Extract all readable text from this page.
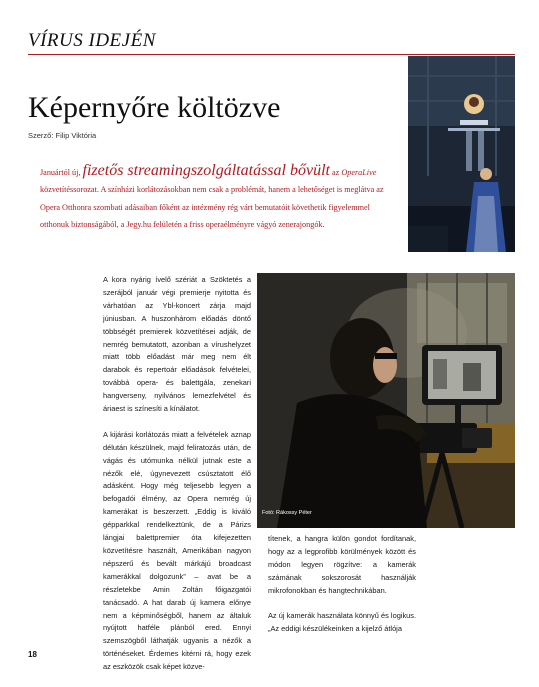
VÍRUS IDEJÉN
Képernyőre költözve
Szerző: Filip Viktória
Januártól új, fizetős streamingszolgáltatással bővült az OperaLive közvetítéssorozat. A színházi korlátozásokban nem csak a problémát, hanem a lehetőséget is meglátva az Opera Otthonra szombati adásaiban főként az intézmény rég várt bemutatóit követhetik figyelemmel otthonuk biztonságából, a Jegy.hu felületén a friss operaélményre vágyó zenerajongók.
Fotó: Rákossy Péter

A kora nyárig ívelő szériát a Szöktetés a szerájból január végi premierje nyitotta és várhatóan az Ybl-koncert zárja majd júniusban. A huszonhárom előadás döntő többségét premierek közvetítései adják, de nemrég bemutatott, azonban a vírushelyzet miatt több előadást már meg nem élt darabok és repertoár előadások felvételei, továbbá opera- és balettgála, zenekari hangverseny, nyilvános lemezfelvétel és áriaest is színesíti a kínálatot.

A kijárási korlátozás miatt a felvételek aznap délután készülnek, majd feliratozás után, de vágás és utómunka nélkül jutnak este a nézők elé, úgynevezett csúsztatott élő adásként. Hogy még teljesebb legyen a befogadói élmény, az Opera nemrég új kamerákat is beszerzett. „Eddig is kiváló gépparkkal rendelkeztünk, de a Párizs lángjai balettpremier óta kifejezetten közvetítésre használt, Amerikában nagyon népszerű és bevált márkájú broadcast kamerákkal dolgozunk” – avat be a részletekbe Amin Zoltán főigazgatói tanácsadó. A hat darab új kamera előnye nem a képminőségből, hanem az általuk nyújtott hatféle plánból ered. Ennyi szemszögből láthatják ugyanis a nézők a történéseket. Érdemes kitérni rá, hogy ezek az eszközök csak képet közve-

títenek, a hangra külön gondot fordítanak, hogy az a legprofibb körülmények között és módon legyen rögzítve: a kamerák számának sokszorosát használják mikrofonokban és hangtechnikában.

Az új kamerák használata könnyű és logikus. „Az eddigi készülékeinken a kijelző átlója

18
